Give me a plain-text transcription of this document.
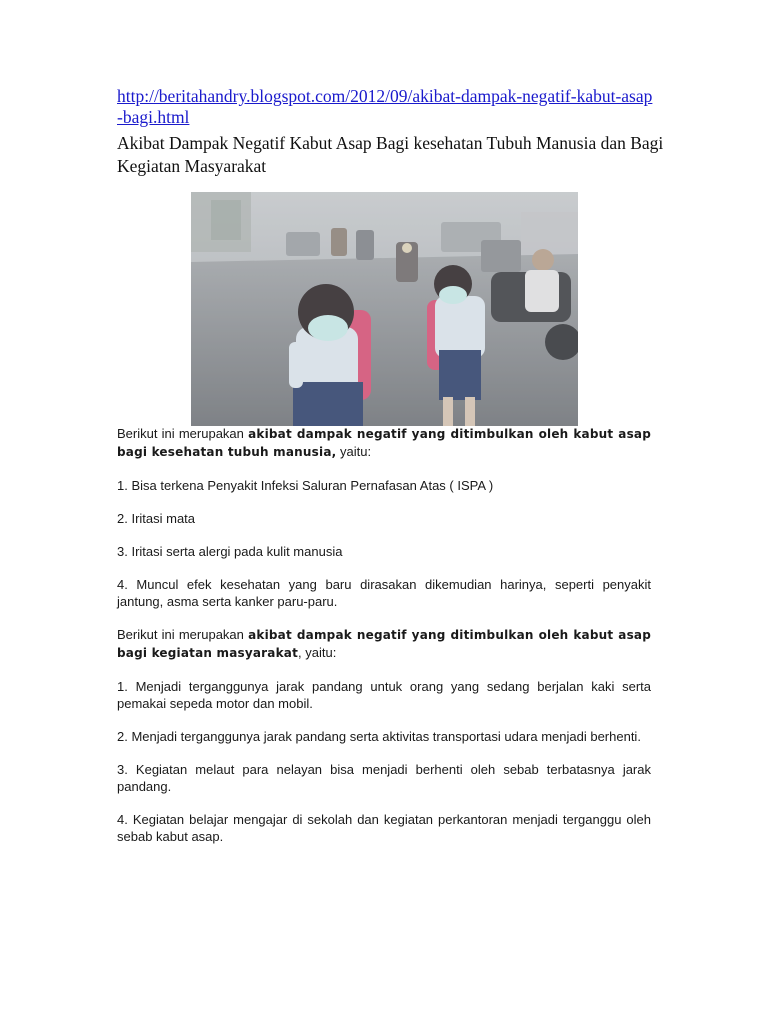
http://beritahandry.blogspot.com/2012/09/akibat-dampak-negatif-kabut-asap-bagi.html
Akibat Dampak Negatif Kabut Asap Bagi kesehatan Tubuh Manusia dan Bagi Kegiatan Masyarakat

Berikut ini merupakan akibat dampak negatif yang ditimbulkan oleh kabut asap bagi kesehatan tubuh manusia, yaitu:

1. Bisa terkena Penyakit Infeksi Saluran Pernafasan Atas ( ISPA )

2. Iritasi mata

3. Iritasi serta alergi pada kulit manusia

4. Muncul efek kesehatan yang baru dirasakan dikemudian harinya, seperti penyakit jantung, asma serta kanker paru-paru.

Berikut ini merupakan akibat dampak negatif yang ditimbulkan oleh kabut asap bagi kegiatan masyarakat, yaitu:

1. Menjadi terganggunya jarak pandang untuk orang yang sedang berjalan kaki serta pemakai sepeda motor dan mobil.

2. Menjadi terganggunya jarak pandang serta aktivitas transportasi udara menjadi berhenti.

3. Kegiatan melaut para nelayan bisa menjadi berhenti oleh sebab terbatasnya jarak pandang.

4. Kegiatan belajar mengajar di sekolah dan kegiatan perkantoran menjadi terganggu oleh sebab kabut asap.
